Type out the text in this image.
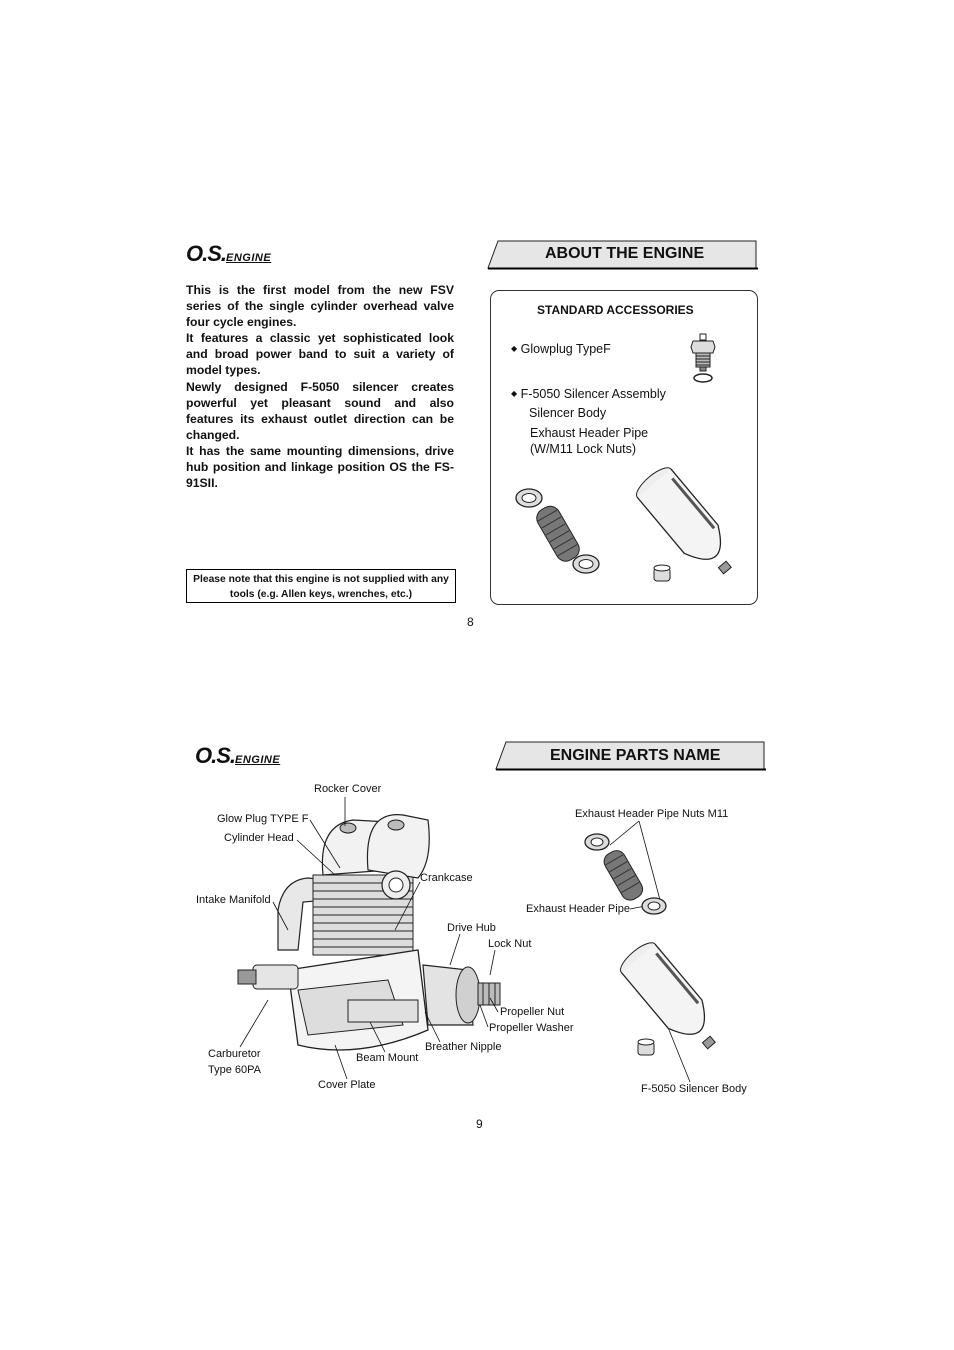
O.S.ENGINE	ABOUT THE ENGINE

This is the first model from the new FSV series of the single cylinder overhead valve four cycle engines.

It features a classic yet sophisticated look and broad power band to suit a variety of model types.

Newly designed F-5050 silencer creates powerful yet pleasant sound and also features its exhaust outlet direction can be changed.

It has the same mounting dimensions, drive hub position and linkage position OS the FS-91SII.

Please note that this engine is not supplied with any tools (e.g. Allen keys, wrenches, etc.)
STANDARD ACCESSORIES
◆ Glowplug TypeF
◆ F-5050 Silencer Assembly
Silencer Body
Exhaust Header Pipe
(W/M11 Lock Nuts)
8
O.S.ENGINE	ENGINE PARTS NAME
Rocker Cover
Glow Plug TYPE F
Cylinder Head
Crankcase
Intake Manifold
Drive Hub
Lock Nut
Propeller Nut
Propeller Washer
Breather Nipple
Beam Mount
Carburetor
Type 60PA
Cover Plate
Exhaust Header Pipe Nuts M11
Exhaust Header Pipe
F-5050 Silencer Body
9
